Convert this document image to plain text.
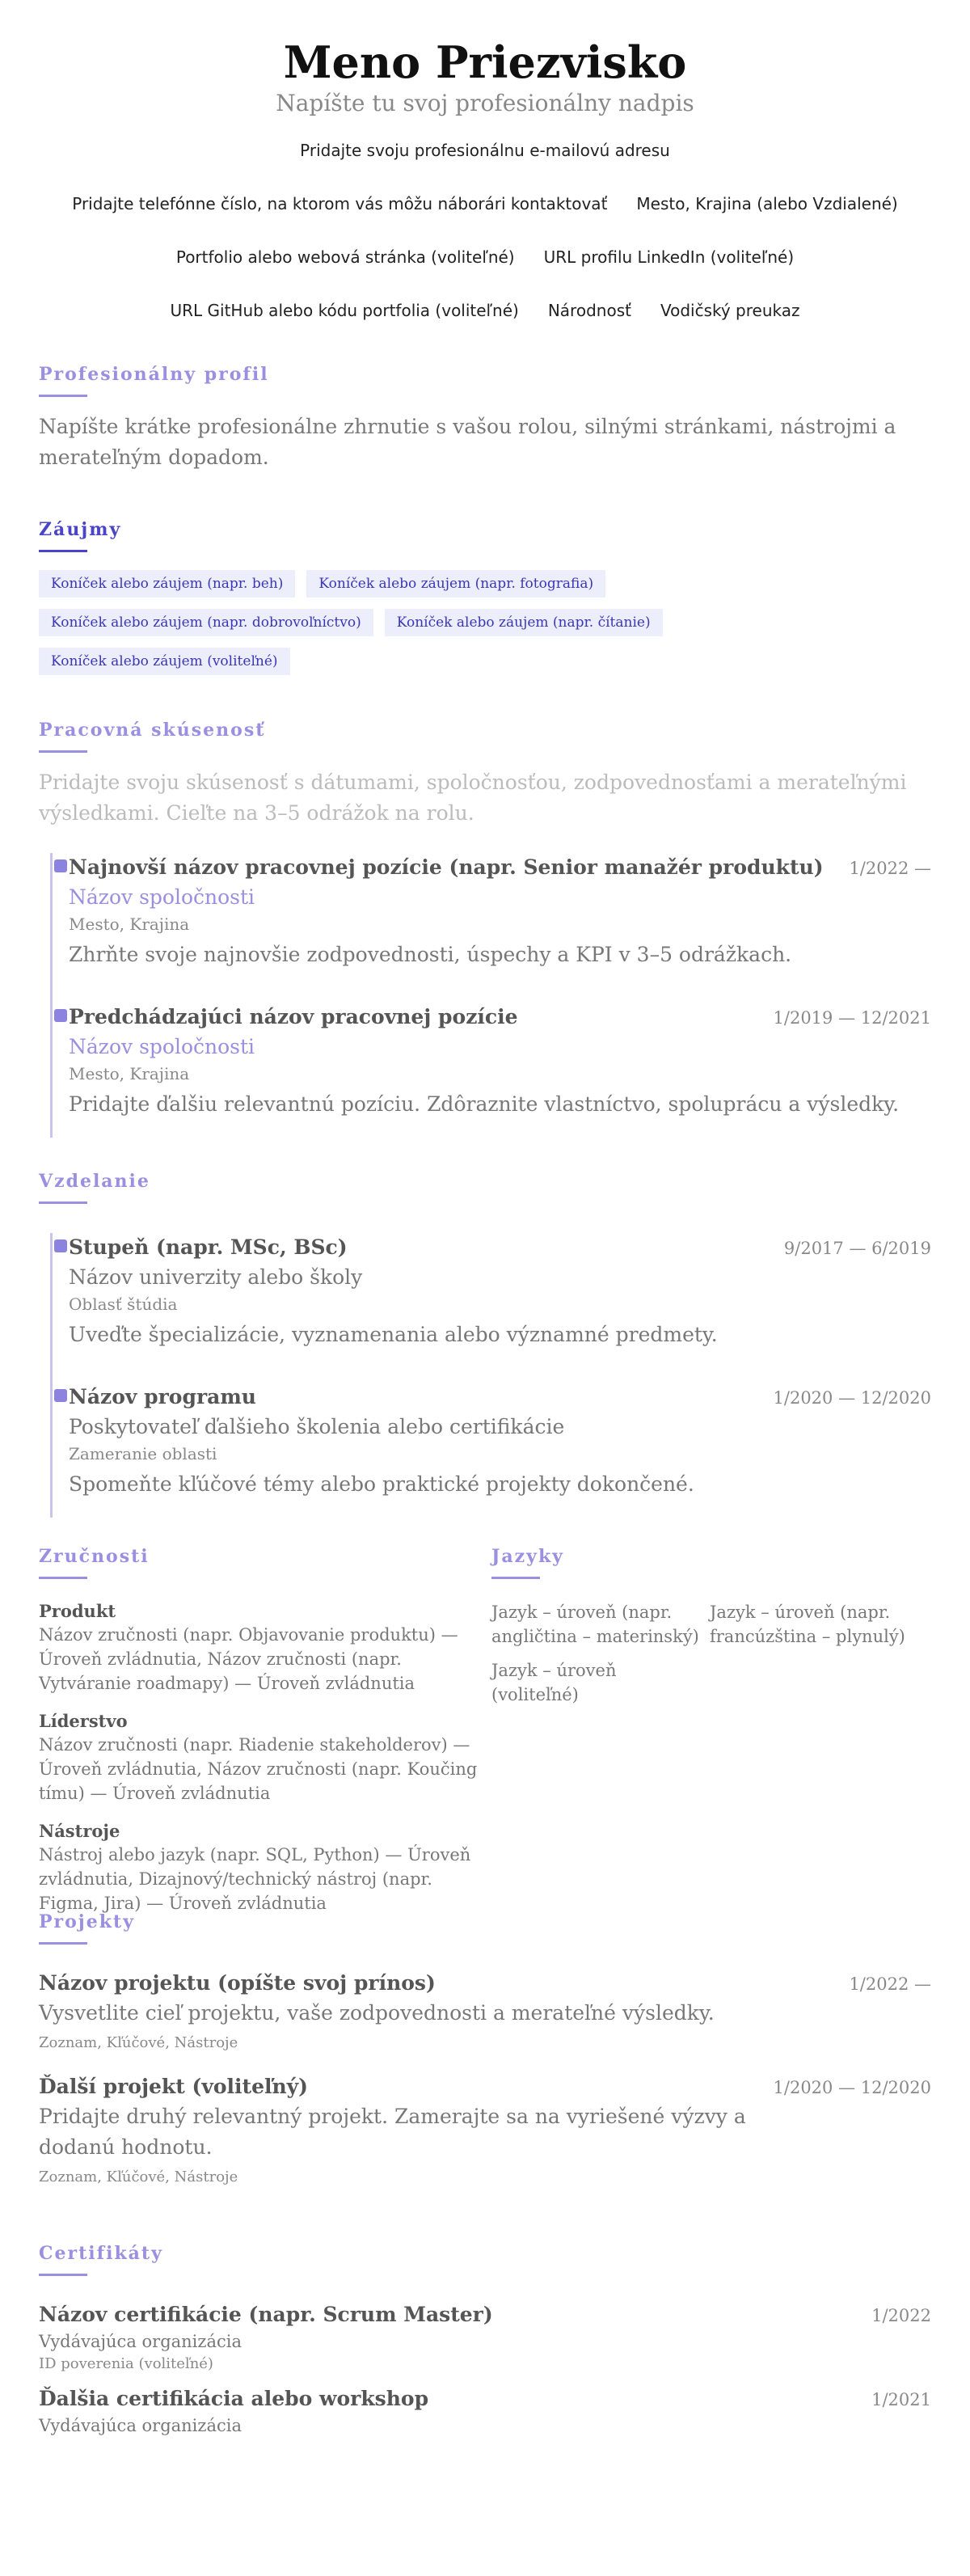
Meno Priezvisko
Napíšte tu svoj profesionálny nadpis
Pridajte svoju profesionálnu e-mailovú adresu
Pridajte telefónne číslo, na ktorom vás môžu náborári kontaktovať Mesto, Krajina (alebo Vzdialené)
Portfolio alebo webová stránka (voliteľné) URL profilu LinkedIn (voliteľné)
URL GitHub alebo kódu portfolia (voliteľné) Národnosť Vodičský preukaz
Profesionálny profil
Napíšte krátke profesionálne zhrnutie s vašou rolou, silnými stránkami, nástrojmi a merateľným dopadom.
Záujmy
Koníček alebo záujem (napr. beh)	Koníček alebo záujem (napr. fotografia)
Koníček alebo záujem (napr. dobrovoľníctvo)	Koníček alebo záujem (napr. čítanie)
Koníček alebo záujem (voliteľné)
Pracovná skúsenosť
Pridajte svoju skúsenosť s dátumami, spoločnosťou, zodpovednosťami a merateľnými výsledkami. Cieľte na 3–5 odrážok na rolu.
Najnovší názov pracovnej pozície (napr. Senior manažér produktu) 1/2022 —
Názov spoločnosti
Mesto, Krajina
Zhrňte svoje najnovšie zodpovednosti, úspechy a KPI v 3–5 odrážkach.
Predchádzajúci názov pracovnej pozície	1/2019 — 12/2021
Názov spoločnosti
Mesto, Krajina
Pridajte ďalšiu relevantnú pozíciu. Zdôraznite vlastníctvo, spoluprácu a výsledky.
Vzdelanie
Stupeň (napr. MSc, BSc)	9/2017 — 6/2019
Názov univerzity alebo školy
Oblasť štúdia
Uveďte špecializácie, vyznamenania alebo významné predmety.
Názov programu	1/2020 — 12/2020
Poskytovateľ ďalšieho školenia alebo certifikácie
Zameranie oblasti
Spomeňte kľúčové témy alebo praktické projekty dokončené.
Zručnosti
Produkt
Názov zručnosti (napr. Objavovanie produktu) — Úroveň zvládnutia, Názov zručnosti (napr. Vytváranie roadmapy) — Úroveň zvládnutia
Líderstvo
Názov zručnosti (napr. Riadenie stakeholderov) — Úroveň zvládnutia, Názov zručnosti (napr. Koučing tímu) — Úroveň zvládnutia
Nástroje
Nástroj alebo jazyk (napr. SQL, Python) — Úroveň zvládnutia, Dizajnový/technický nástroj (napr. Figma, Jira) — Úroveň zvládnutia
Jazyky
Jazyk – úroveň (napr. angličtina – materinský)
Jazyk – úroveň (napr. francúzština – plynulý)
Jazyk – úroveň (voliteľné)
Projekty
Názov projektu (opíšte svoj prínos)	1/2022 —
Vysvetlite cieľ projektu, vaše zodpovednosti a merateľné výsledky.
Zoznam, Kľúčové, Nástroje
Ďalší projekt (voliteľný)	1/2020 — 12/2020
Pridajte druhý relevantný projekt. Zamerajte sa na vyriešené výzvy a dodanú hodnotu.
Zoznam, Kľúčové, Nástroje
Certifikáty
Názov certifikácie (napr. Scrum Master)	1/2022
Vydávajúca organizácia
ID poverenia (voliteľné)
Ďalšia certifikácia alebo workshop	1/2021
Vydávajúca organizácia
